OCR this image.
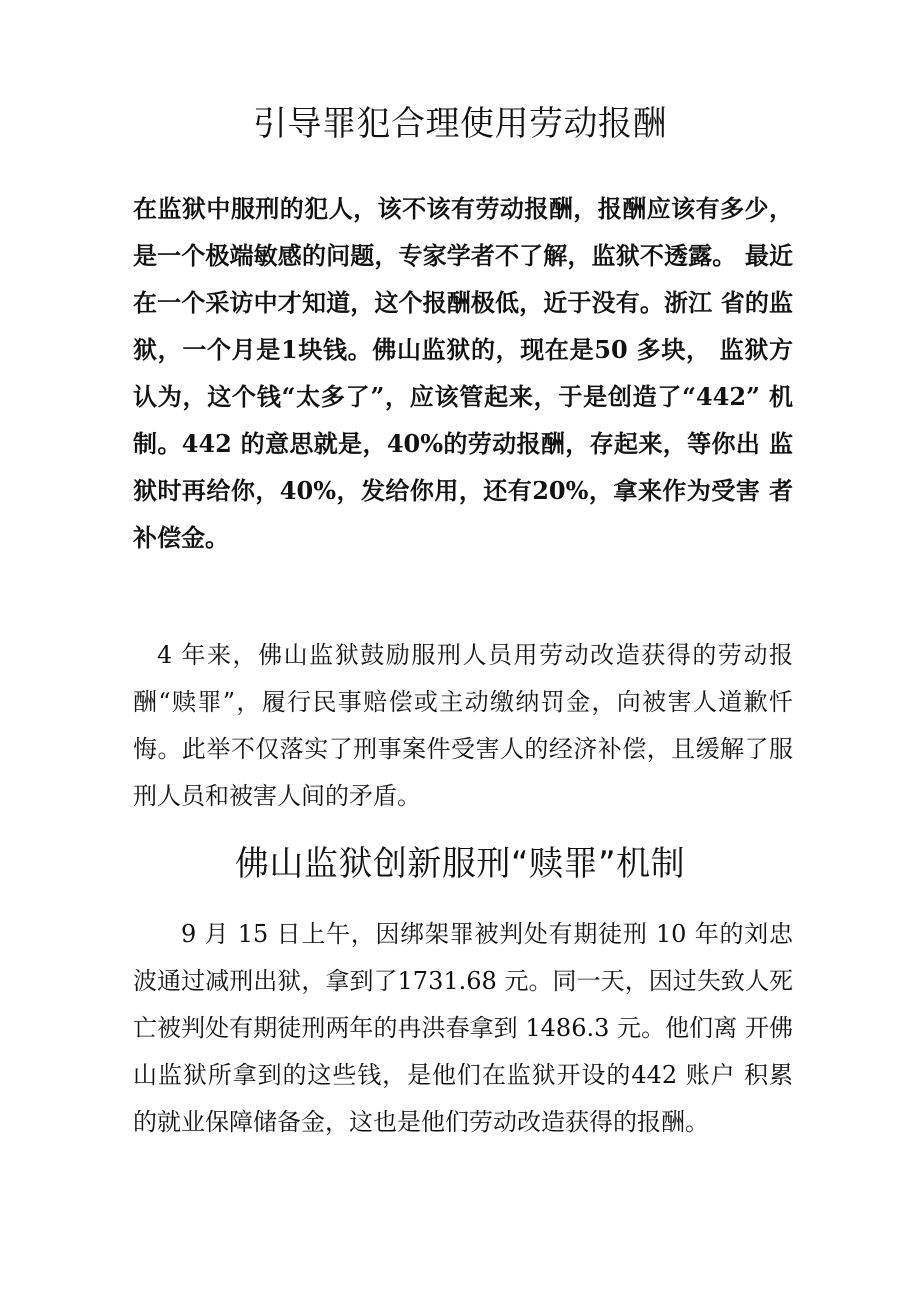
引导罪犯合理使用劳动报酬

在监狱中服刑的犯人，该不该有劳动报酬，报酬应该有多少，是一个极端敏感的问题，专家学者不了解，监狱不透露。 最近在一个采访中才知道，这个报酬极低，近于没有。浙江 省的监狱，一个月是1块钱。佛山监狱的，现在是50 多块， 监狱方认为，这个钱“太多了”，应该管起来，于是创造了“442” 机制。442 的意思就是，40%的劳动报酬，存起来，等你出 监狱时再给你，40%，发给你用，还有20%，拿来作为受害 者补偿金。

4 年来，佛山监狱鼓励服刑人员用劳动改造获得的劳动报酬“赎罪”，履行民事赔偿或主动缴纳罚金，向被害人道歉忏悔。此举不仅落实了刑事案件受害人的经济补偿，且缓解了服刑人员和被害人间的矛盾。

佛山监狱创新服刑“赎罪”机制

9 月 15 日上午，因绑架罪被判处有期徒刑 10 年的刘忠波通过减刑出狱，拿到了1731.68 元。同一天，因过失致人死亡被判处有期徒刑两年的冉洪春拿到 1486.3 元。他们离 开佛山监狱所拿到的这些钱，是他们在监狱开设的442 账户 积累的就业保障储备金，这也是他们劳动改造获得的报酬。
